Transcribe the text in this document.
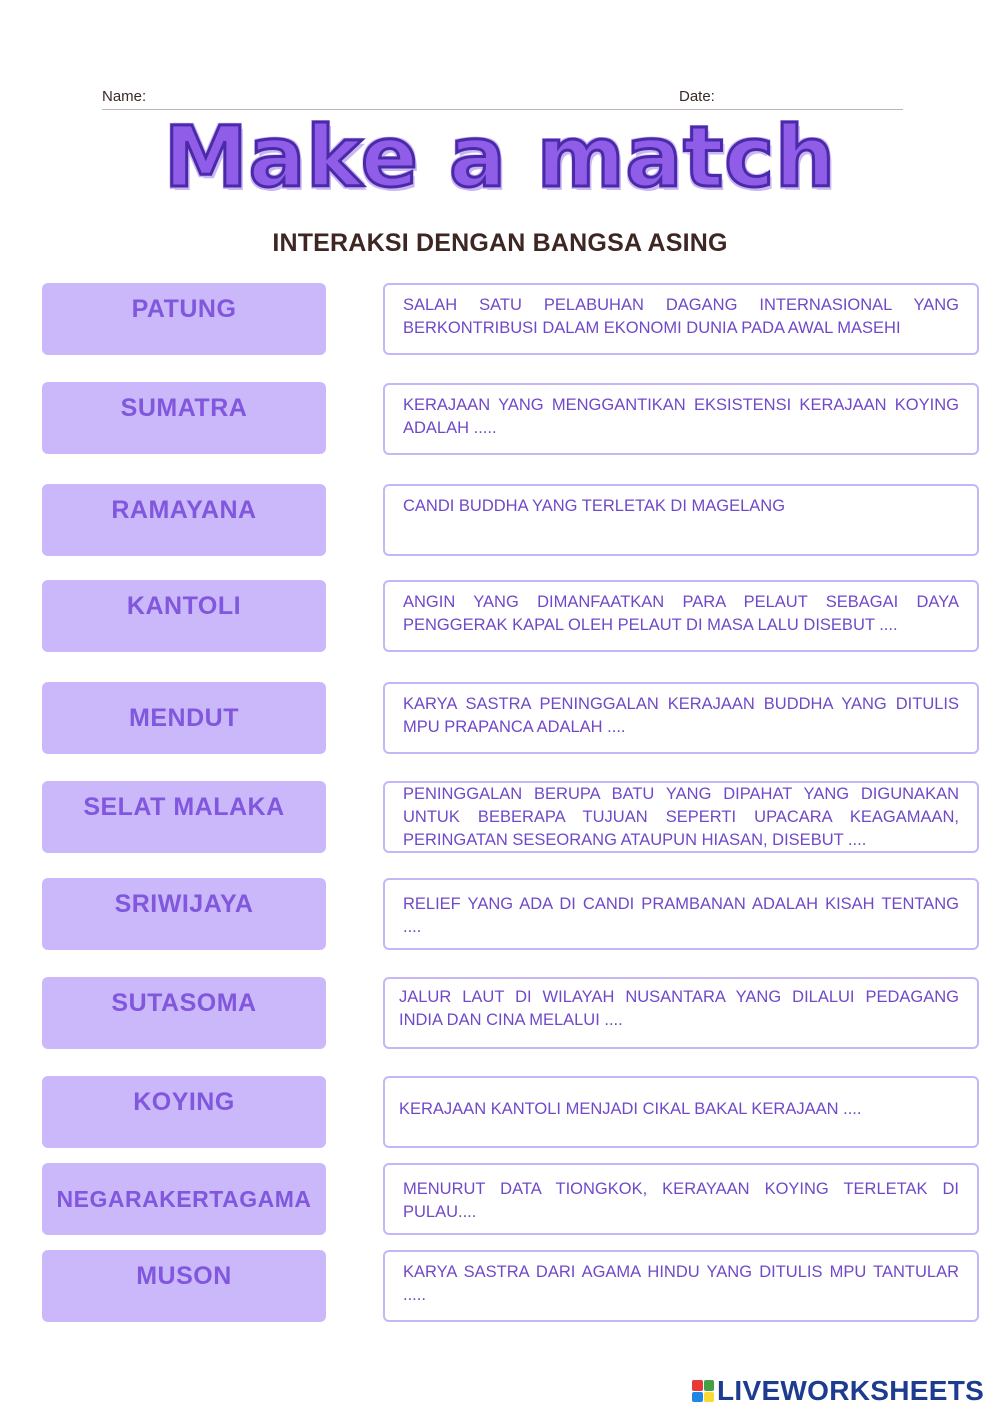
Name:	Date:
Make a match
INTERAKSI DENGAN BANGSA ASING
PATUNG	SALAH SATU PELABUHAN DAGANG INTERNASIONAL YANG BERKONTRIBUSI DALAM EKONOMI DUNIA PADA AWAL MASEHI
SUMATRA	KERAJAAN YANG MENGGANTIKAN EKSISTENSI KERAJAAN KOYING ADALAH .....
RAMAYANA	CANDI BUDDHA YANG TERLETAK DI MAGELANG
KANTOLI	ANGIN YANG DIMANFAATKAN PARA PELAUT SEBAGAI DAYA PENGGERAK KAPAL OLEH PELAUT DI MASA LALU DISEBUT ....
MENDUT	KARYA SASTRA PENINGGALAN KERAJAAN BUDDHA YANG DITULIS MPU PRAPANCA ADALAH ....
SELAT MALAKA	PENINGGALAN BERUPA BATU YANG DIPAHAT YANG DIGUNAKAN UNTUK BEBERAPA TUJUAN SEPERTI UPACARA KEAGAMAAN, PERINGATAN SESEORANG ATAUPUN HIASAN, DISEBUT ....
SRIWIJAYA	RELIEF YANG ADA DI CANDI PRAMBANAN ADALAH KISAH TENTANG ....
SUTASOMA	JALUR LAUT DI WILAYAH NUSANTARA YANG DILALUI PEDAGANG INDIA DAN CINA MELALUI ....
KOYING	KERAJAAN KANTOLI MENJADI CIKAL BAKAL KERAJAAN ....
NEGARAKERTAGAMA	MENURUT DATA TIONGKOK, KERAYAAN KOYING TERLETAK DI PULAU....
MUSON	KARYA SASTRA DARI AGAMA HINDU YANG DITULIS MPU TANTULAR .....
LIVEWORKSHEETS
